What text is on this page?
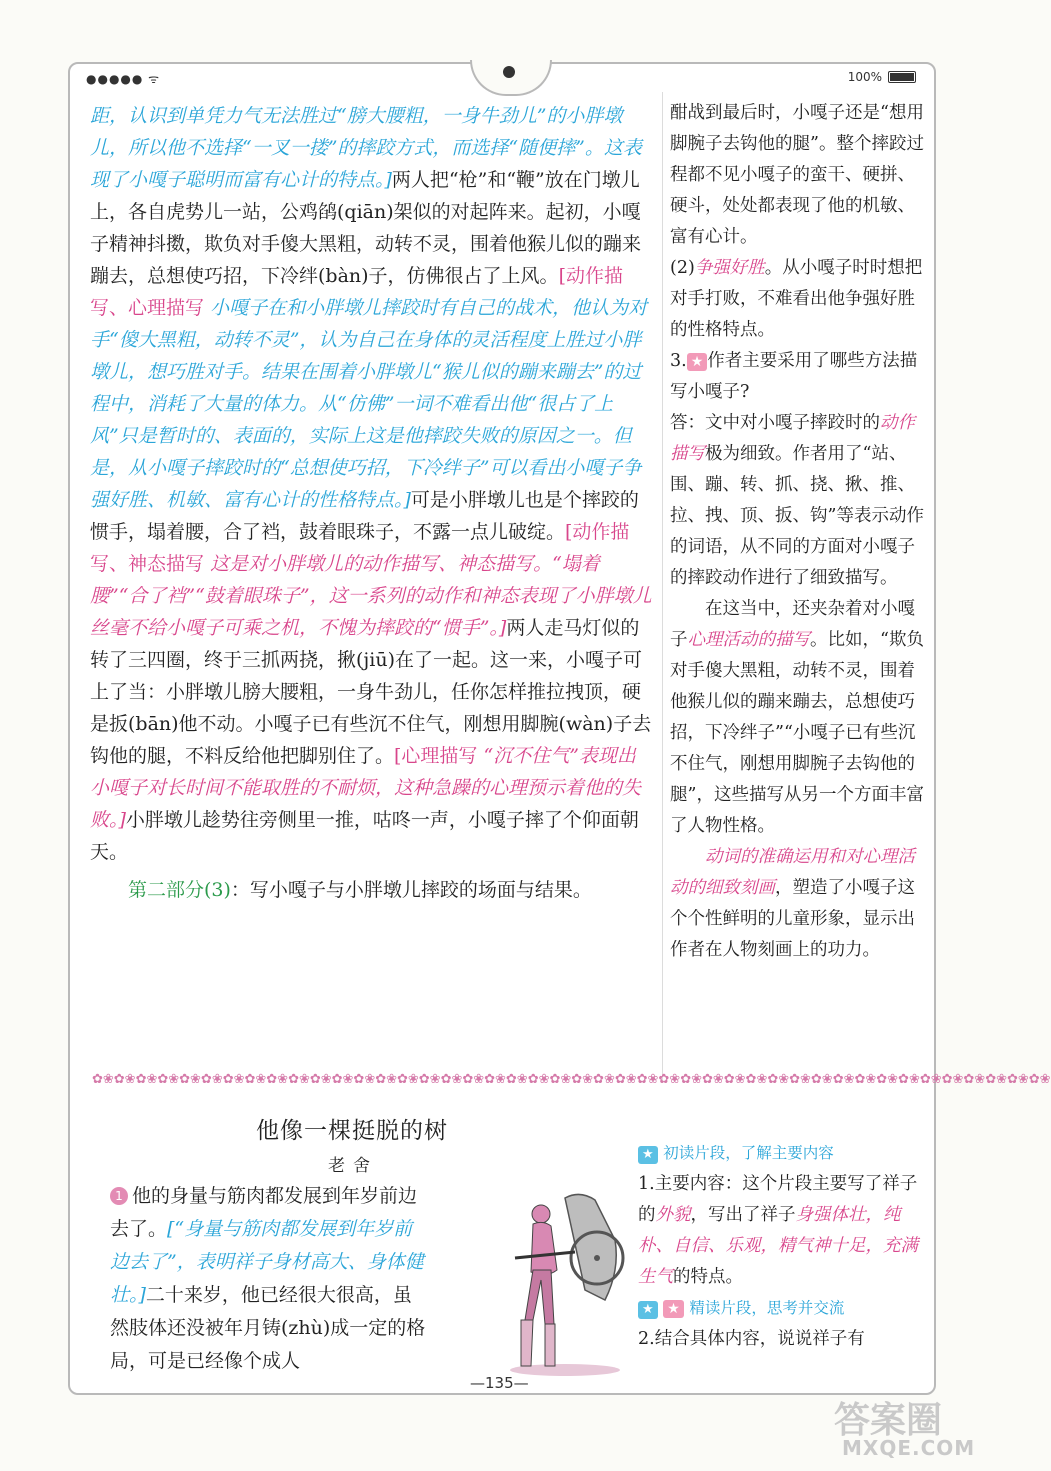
●●●●● ᯤ	100%
距，认识到单凭力气无法胜过“膀大腰粗，一身牛劲儿”的小胖墩儿，所以他不选择“一叉一搂”的摔跤方式，而选择“随便摔”。这表现了小嘎子聪明而富有心计的特点。]两人把“枪”和“鞭”放在门墩儿上，各自虎势儿一站，公鸡鹐(qiān)架似的对起阵来。起初，小嘎子精神抖擞，欺负对手傻大黑粗，动转不灵，围着他猴儿似的蹦来蹦去，总想使巧招，下冷绊(bàn)子，仿佛很占了上风。[动作描写、心理描写 小嘎子在和小胖墩儿摔跤时有自己的战术，他认为对手“傻大黑粗，动转不灵”，认为自己在身体的灵活程度上胜过小胖墩儿，想巧胜对手。结果在围着小胖墩儿“猴儿似的蹦来蹦去”的过程中，消耗了大量的体力。从“仿佛”一词不难看出他“很占了上风”只是暂时的、表面的，实际上这是他摔跤失败的原因之一。但是，从小嘎子摔跤时的“总想使巧招，下冷绊子”可以看出小嘎子争强好胜、机敏、富有心计的性格特点。]可是小胖墩儿也是个摔跤的惯手，塌着腰，合了裆，鼓着眼珠子，不露一点儿破绽。[动作描写、神态描写 这是对小胖墩儿的动作描写、神态描写。“塌着腰”“合了裆”“鼓着眼珠子”，这一系列的动作和神态表现了小胖墩儿丝毫不给小嘎子可乘之机，不愧为摔跤的“惯手”。]两人走马灯似的转了三四圈，终于三抓两挠，揪(jiū)在了一起。这一来，小嘎子可上了当：小胖墩儿膀大腰粗，一身牛劲儿，任你怎样推拉拽顶，硬是扳(bān)他不动。小嘎子已有些沉不住气，刚想用脚腕(wàn)子去钩他的腿，不料反给他把脚别住了。[心理描写 “沉不住气”表现出小嘎子对长时间不能取胜的不耐烦，这种急躁的心理预示着他的失败。]小胖墩儿趁势往旁侧里一推，咕咚一声，小嘎子摔了个仰面朝天。
第二部分(3)：写小嘎子与小胖墩儿摔跤的场面与结果。
酣战到最后时，小嘎子还是“想用脚腕子去钩他的腿”。整个摔跤过程都不见小嘎子的蛮干、硬拼、硬斗，处处都表现了他的机敏、富有心计。
(2)争强好胜。从小嘎子时时想把对手打败，不难看出他争强好胜的性格特点。
3. ★ 作者主要采用了哪些方法描写小嘎子?
答：文中对小嘎子摔跤时的动作描写极为细致。作者用了“站、围、蹦、转、抓、挠、揪、推、拉、拽、顶、扳、钩”等表示动作的词语，从不同的方面对小嘎子的摔跤动作进行了细致描写。
在这当中，还夹杂着对小嘎子心理活动的描写。比如，“欺负对手傻大黑粗，动转不灵，围着他猴儿似的蹦来蹦去，总想使巧招，下冷绊子”“小嘎子已有些沉不住气，刚想用脚腕子去钩他的腿”，这些描写从另一个方面丰富了人物性格。
动词的准确运用和对心理活动的细致刻画，塑造了小嘎子这个个性鲜明的儿童形象，显示出作者在人物刻画上的功力。
✿❀✿❀✿❀✿❀✿❀✿❀✿❀✿❀✿❀✿❀✿❀✿❀✿❀✿❀✿❀✿❀✿❀✿❀✿❀✿❀✿❀✿❀✿❀✿❀✿❀✿❀✿❀✿❀✿❀✿❀✿❀✿❀✿❀✿❀✿❀✿❀✿❀✿❀✿❀✿❀✿❀✿❀✿❀✿❀
他像一棵挺脱的树
老舍
1 他的身量与筋肉都发展到年岁前边去了。[“身量与筋肉都发展到年岁前边去了”，表明祥子身材高大、身体健壮。]二十来岁，他已经很大很高，虽然肢体还没被年月铸(zhù)成一定的格局，可是已经像个成人
★ 初读片段，了解主要内容
1.主要内容：这个片段主要写了祥子的外貌，写出了祥子身强体壮，纯朴、自信、乐观，精气神十足，充满生气的特点。
★ ★ 精读片段，思考并交流
2.结合具体内容，说说祥子有
—135—
答案圈
MXQE.COM
